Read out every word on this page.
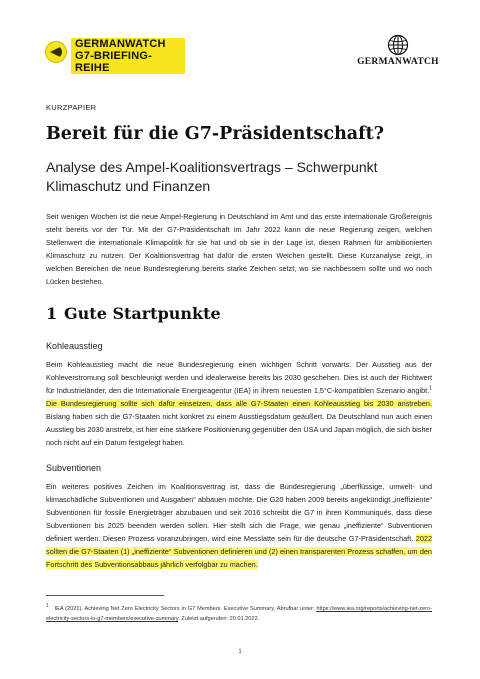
GERMANWATCH
G7-BRIEFING-REIHE	GERMANWATCH
KURZPAPIER
Bereit für die G7-Präsidentschaft?
Analyse des Ampel-Koalitionsvertrags – Schwerpunkt Klimaschutz und Finanzen

Seit wenigen Wochen ist die neue Ampel-Regierung in Deutschland im Amt und das erste internationale Großereignis steht bereits vor der Tür. Mit der G7-Präsidentschaft im Jahr 2022 kann die neue Regierung zeigen, welchen Stellenwert die internationale Klimapolitik für sie hat und ob sie in der Lage ist, diesen Rahmen für ambitionierten Klimaschutz zu nutzen. Der Koalitionsvertrag hat dafür die ersten Weichen gestellt. Diese Kurzanalyse zeigt, in welchen Bereichen die neue Bundesregierung bereits starke Zeichen setzt, wo sie nachbessern sollte und wo noch Lücken bestehen.

1 Gute Startpunkte
Kohleausstieg

Beim Kohleausstieg macht die neue Bundesregierung einen wichtigen Schritt vorwärts. Der Ausstieg aus der Kohleverstromung soll beschleunigt werden und idealerweise bereits bis 2030 geschehen. Dies ist auch der Richtwert für Industrieländer, den die Internationale Energieagentur (IEA) in ihrem neuesten 1,5°C-kompatiblen Szenario angibt.$^1$ Die Bundesregierung sollte sich dafür einsetzen, dass alle G7-Staaten einen Kohleausstieg bis 2030 anstreben. Bislang haben sich die G7-Staaten nicht konkret zu einem Ausstiegsdatum geäußert. Da Deutschland nun auch einen Ausstieg bis 2030 anstrebt, ist hier eine stärkere Positionierung gegenüber den USA und Japan möglich, die sich bisher noch nicht auf ein Datum festgelegt haben.

Subventionen

Ein weiteres positives Zeichen im Koalitionsvertrag ist, dass die Bundesregierung „überflüssige, umwelt- und klimaschädliche Subventionen und Ausgaben“ abbauen möchte. Die G20 haben 2009 bereits angekündigt „ineffiziente“ Subventionen für fossile Energieträger abzubauen und seit 2016 schreibt die G7 in ihren Kommuniqués, dass diese Subventionen bis 2025 beenden werden sollen. Hier stellt sich die Frage, wie genau „ineffiziente“ Subventionen definiert werden. Diesen Prozess voranzubringen, wird eine Messlatte sein für die deutsche G7-Präsidentschaft. 2022 sollten die G7-Staaten (1) „ineffiziente“ Subventionen definieren und (2) einen transparenten Prozess schaffen, um den Fortschritt des Subventionsabbaus jährlich verfolgbar zu machen.

$^1$ IEA (2021). Achieving Net Zero Electricity Sectors in G7 Members. Executive Summary. Abrufbar unter: https://www.iea.org/reports/achieving-net-zero-electricity-sectors-in-g7-members/executive-summary. Zuletzt aufgerufen: 20.01.2022.

1
